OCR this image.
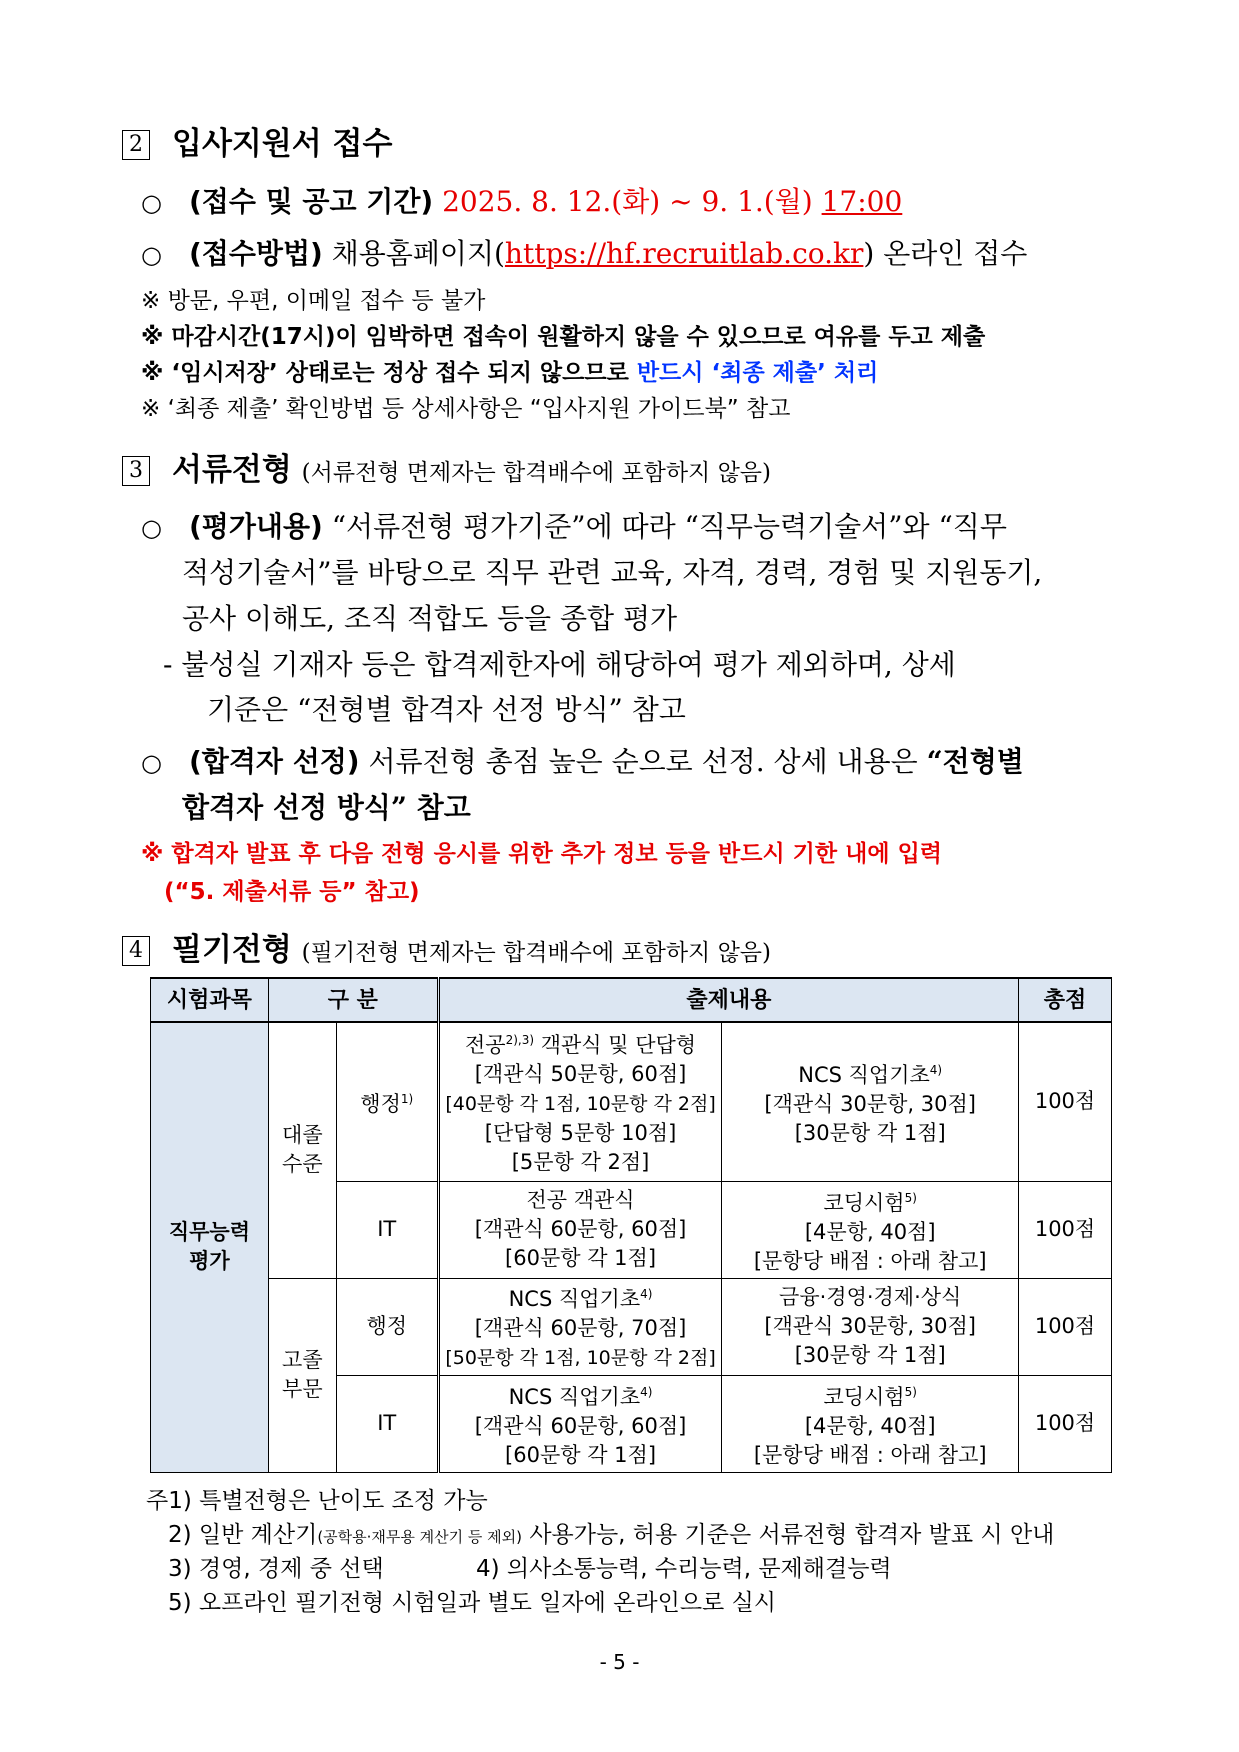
2 입사지원서 접수
○ (접수 및 공고 기간) 2025. 8. 12.(화) ~ 9. 1.(월) 17:00
○ (접수방법) 채용홈페이지(https://hf.recruitlab.co.kr) 온라인 접수
※ 방문, 우편, 이메일 접수 등 불가
※ 마감시간(17시)이 임박하면 접속이 원활하지 않을 수 있으므로 여유를 두고 제출
※ ‘임시저장’ 상태로는 정상 접수 되지 않으므로 반드시 ‘최종 제출’ 처리
※ ‘최종 제출’ 확인방법 등 상세사항은 “입사지원 가이드북” 참고
3 서류전형 (서류전형 면제자는 합격배수에 포함하지 않음)
○ (평가내용) “서류전형 평가기준”에 따라 “직무능력기술서”와 “직무
적성기술서”를 바탕으로 직무 관련 교육, 자격, 경력, 경험 및 지원동기,
공사 이해도, 조직 적합도 등을 종합 평가
- 불성실 기재자 등은 합격제한자에 해당하여 평가 제외하며, 상세
기준은 “전형별 합격자 선정 방식” 참고
○ (합격자 선정) 서류전형 총점 높은 순으로 선정. 상세 내용은 “전형별
합격자 선정 방식” 참고
※ 합격자 발표 후 다음 전형 응시를 위한 추가 정보 등을 반드시 기한 내에 입력
(“5. 제출서류 등” 참고)
4 필기전형 (필기전형 면제자는 합격배수에 포함하지 않음)
시험과목	구 분		출제내용		총점
직무능력
평가	대졸
수준	행정$^{1)}$	전공$^{2),3)}$ 객관식 및 단답형
[객관식 50문항, 60점]
[40문항 각 1점, 10문항 각 2점]
[단답형 5문항 10점]
[5문항 각 2점]	NCS 직업기초$^{4)}$
[객관식 30문항, 30점]
[30문항 각 1점]	100점
		IT	전공 객관식
[객관식 60문항, 60점]
[60문항 각 1점]	코딩시험$^{5)}$
[4문항, 40점]
[문항당 배점 : 아래 참고]	100점
	고졸
부문	행정	NCS 직업기초$^{4)}$
[객관식 60문항, 70점]
[50문항 각 1점, 10문항 각 2점]	금융·경영·경제·상식
[객관식 30문항, 30점]
[30문항 각 1점]	100점
		IT	NCS 직업기초$^{4)}$
[객관식 60문항, 60점]
[60문항 각 1점]	코딩시험$^{5)}$
[4문항, 40점]
[문항당 배점 : 아래 참고]	100점
주1) 특별전형은 난이도 조정 가능
2) 일반 계산기(공학용·재무용 계산기 등 제외) 사용가능, 허용 기준은 서류전형 합격자 발표 시 안내
3) 경영, 경제 중 선택	4) 의사소통능력, 수리능력, 문제해결능력
5) 오프라인 필기전형 시험일과 별도 일자에 온라인으로 실시
- 5 -
